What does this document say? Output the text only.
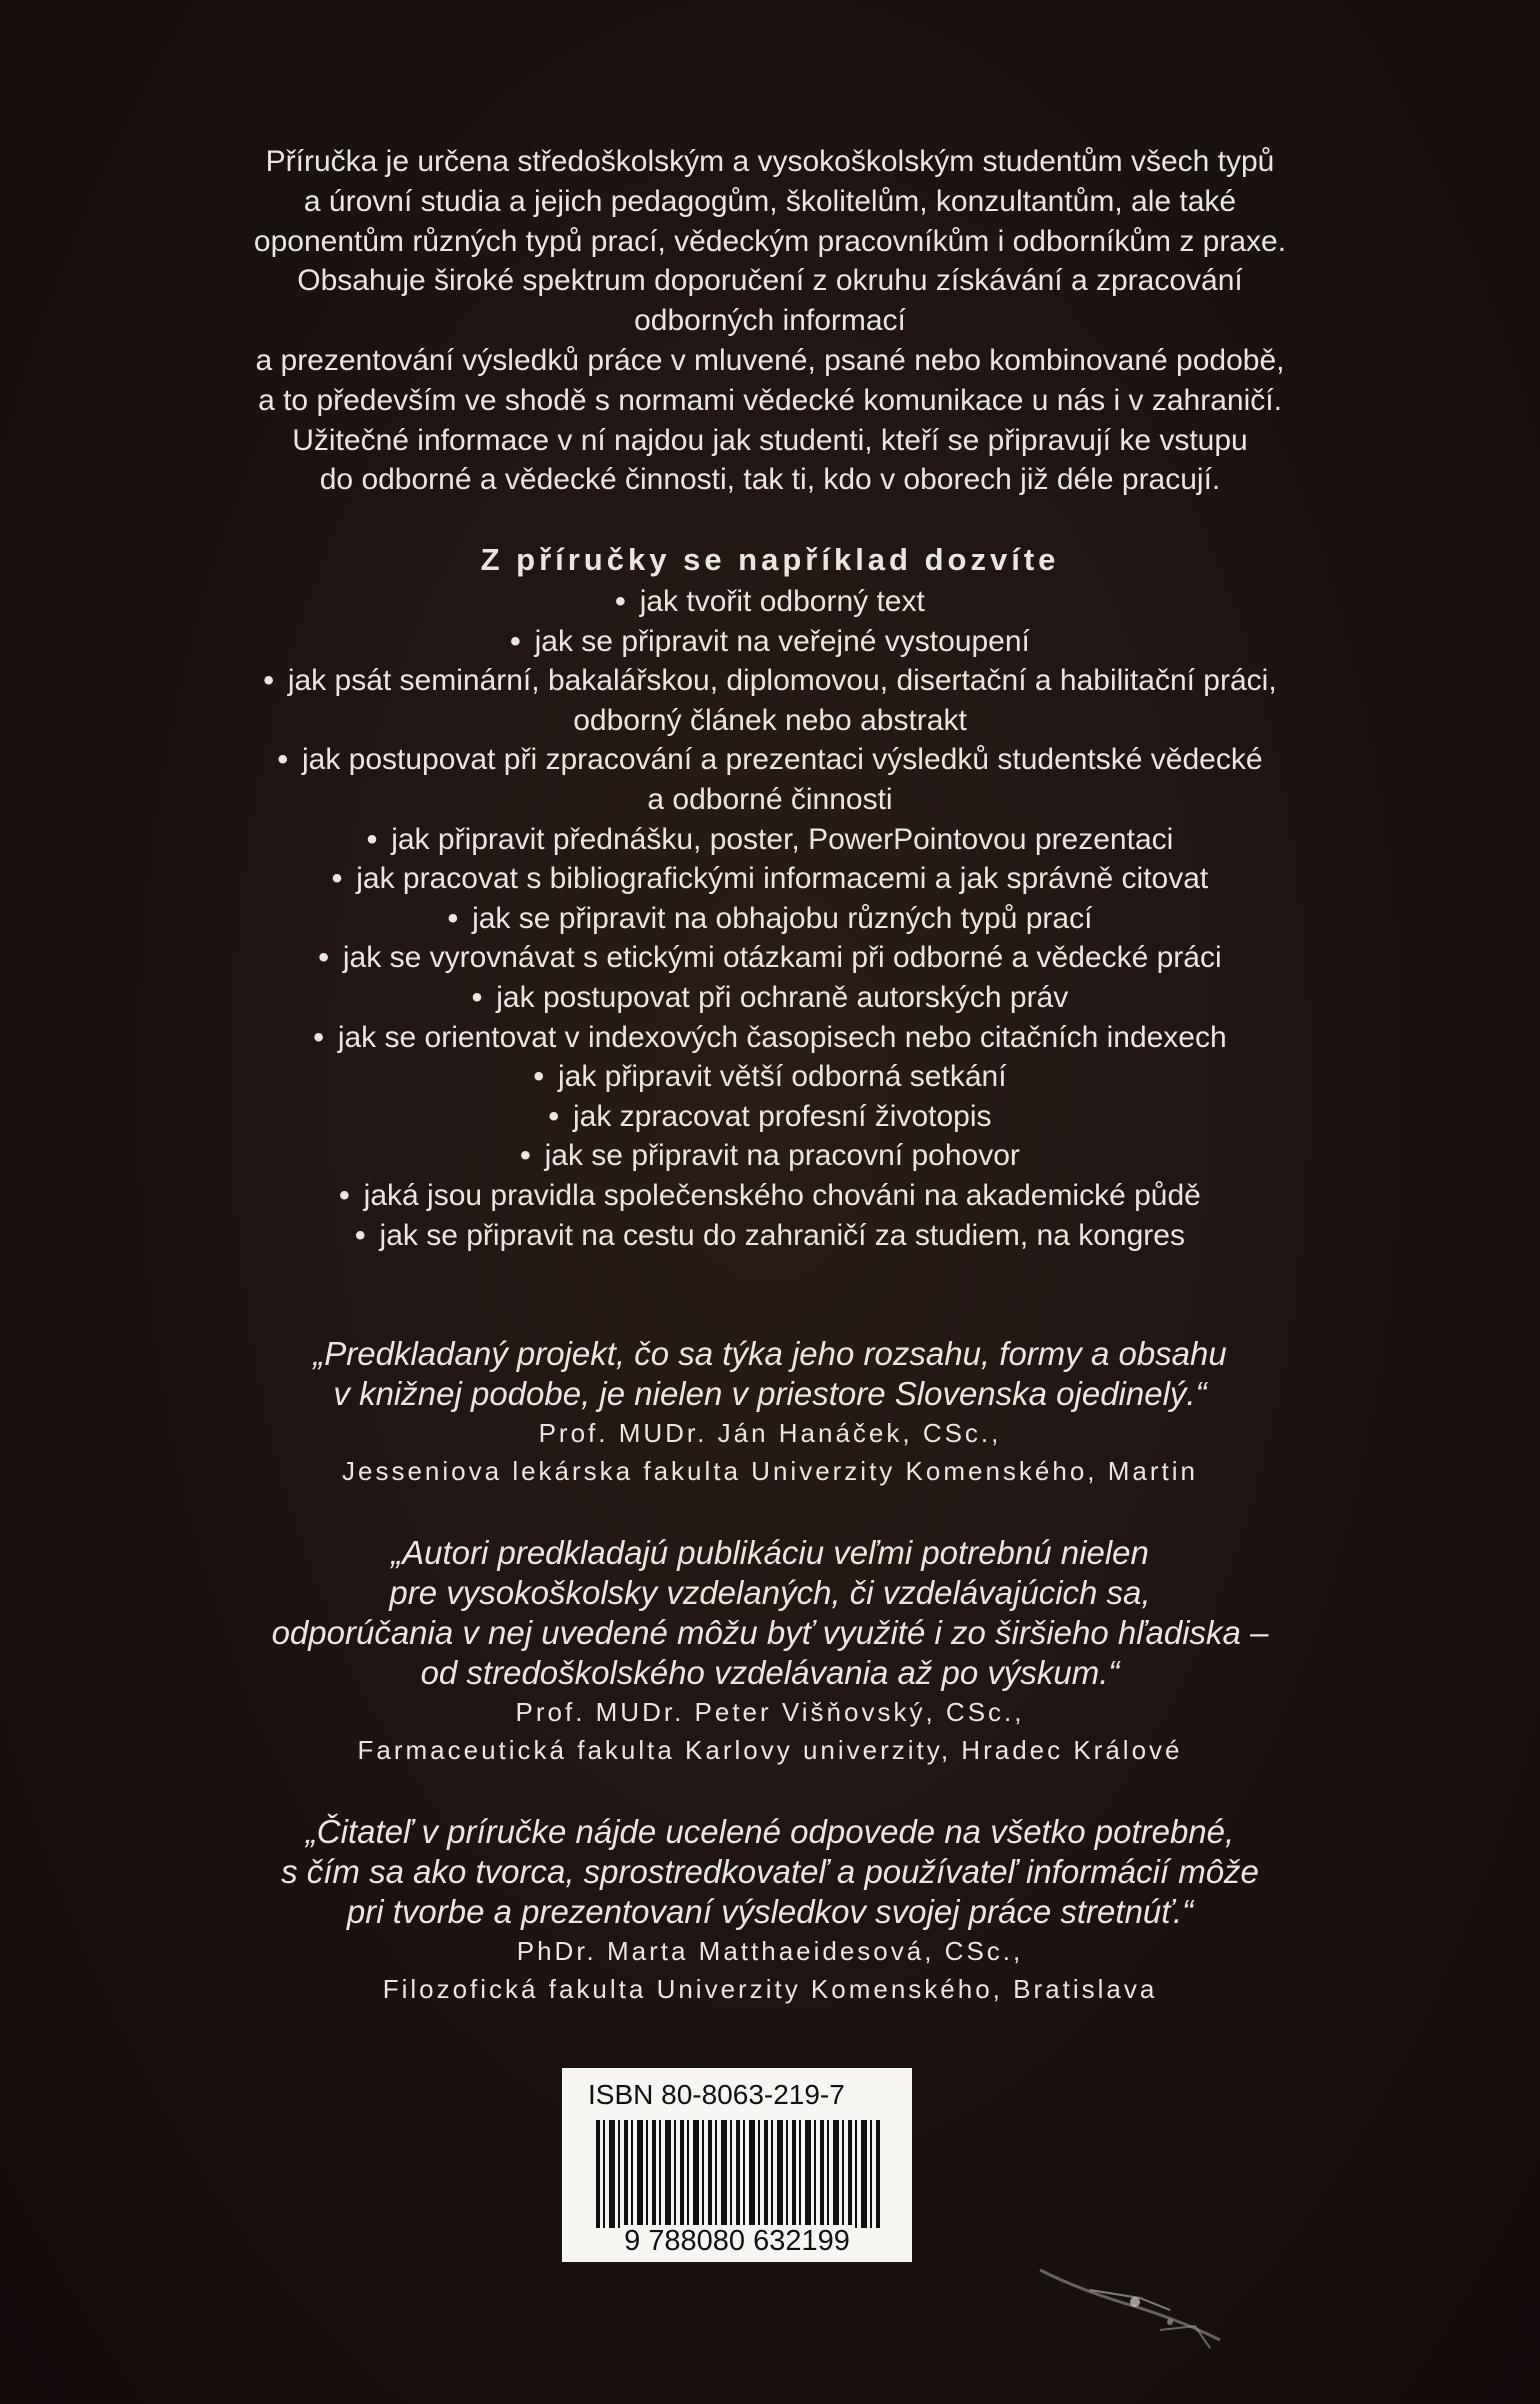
Příručka je určena středoškolským a vysokoškolským studentům všech typů
a úrovní studia a jejich pedagogům, školitelům, konzultantům, ale také
oponentům různých typů prací, vědeckým pracovníkům i odborníkům z praxe.
Obsahuje široké spektrum doporučení z okruhu získávání a zpracování
odborných informací
a prezentování výsledků práce v mluvené, psané nebo kombinované podobě,
a to především ve shodě s normami vědecké komunikace u nás i v zahraničí.
Užitečné informace v ní najdou jak studenti, kteří se připravují ke vstupu
do odborné a vědecké činnosti, tak ti, kdo v oborech již déle pracují.
Z příručky se například dozvíte
• jak tvořit odborný text
• jak se připravit na veřejné vystoupení
• jak psát seminární, bakalářskou, diplomovou, disertační a habilitační práci,
odborný článek nebo abstrakt
• jak postupovat při zpracování a prezentaci výsledků studentské vědecké
a odborné činnosti
• jak připravit přednášku, poster, PowerPointovou prezentaci
• jak pracovat s bibliografickými informacemi a jak správně citovat
• jak se připravit na obhajobu různých typů prací
• jak se vyrovnávat s etickými otázkami při odborné a vědecké práci
• jak postupovat při ochraně autorských práv
• jak se orientovat v indexových časopisech nebo citačních indexech
• jak připravit větší odborná setkání
• jak zpracovat profesní životopis
• jak se připravit na pracovní pohovor
• jaká jsou pravidla společenského chováni na akademické půdě
• jak se připravit na cestu do zahraničí za studiem, na kongres
„Predkladaný projekt, čo sa týka jeho rozsahu, formy a obsahu
v knižnej podobe, je nielen v priestore Slovenska ojedinelý.“
Prof. MUDr. Ján Hanáček, CSc.,
Jesseniova lekárska fakulta Univerzity Komenského, Martin
„Autori predkladajú publikáciu veľmi potrebnú nielen
pre vysokoškolsky vzdelaných, či vzdelávajúcich sa,
odporúčania v nej uvedené môžu byť využité i zo širšieho hľadiska –
od stredoškolského vzdelávania až po výskum.“
Prof. MUDr. Peter Višňovský, CSc.,
Farmaceutická fakulta Karlovy univerzity, Hradec Králové
„Čitateľ v príručke nájde ucelené odpovede na všetko potrebné,
s čím sa ako tvorca, sprostredkovateľ a používateľ informácií môže
pri tvorbe a prezentovaní výsledkov svojej práce stretnúť.“
PhDr. Marta Matthaeidesová, CSc.,
Filozofická fakulta Univerzity Komenského, Bratislava
ISBN 80-8063-219-7
9 788080 632199
